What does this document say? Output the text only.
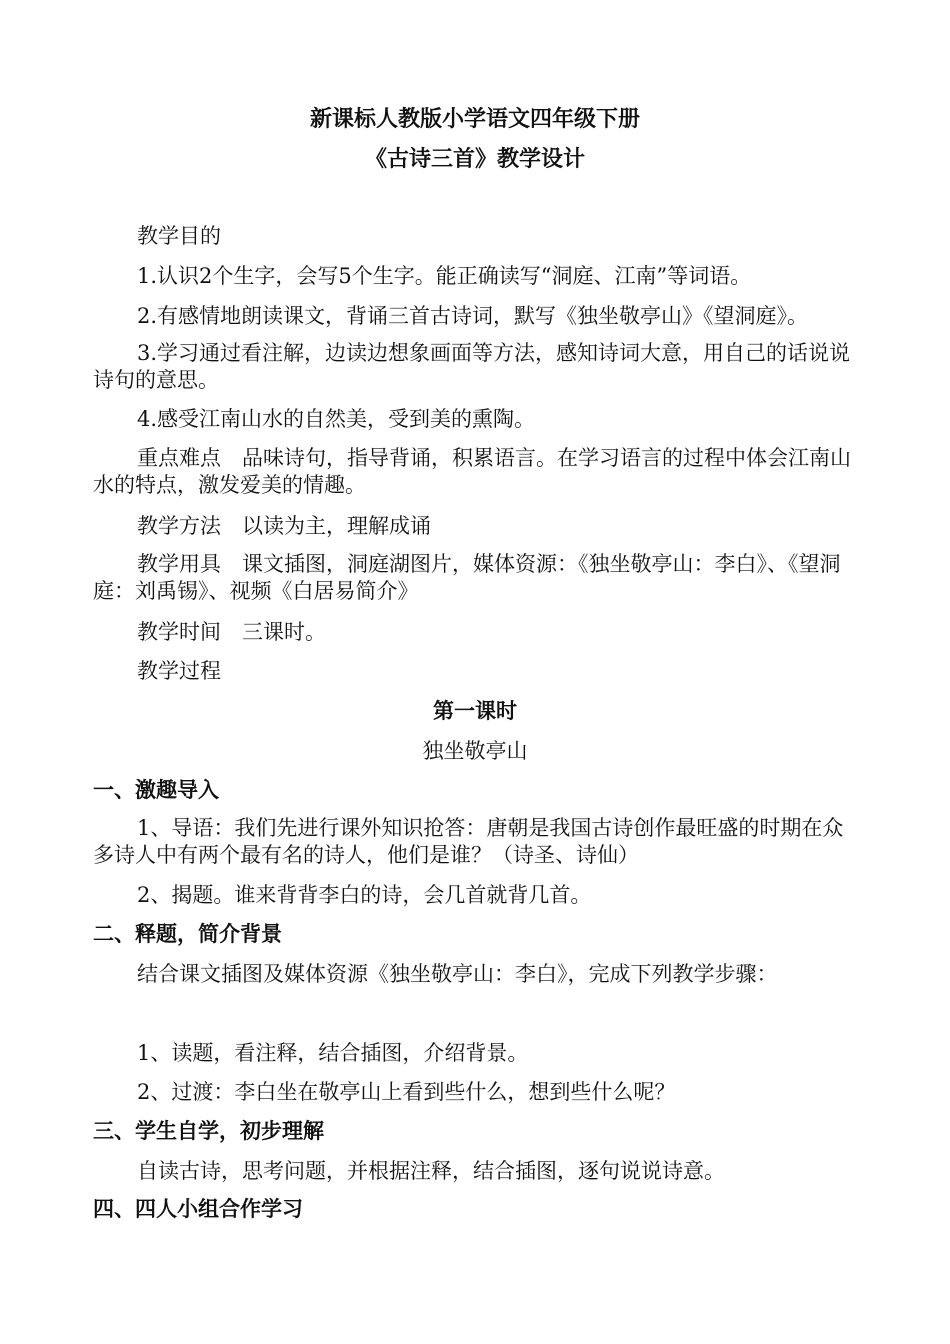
新课标人教版小学语文四年级下册
《古诗三首》教学设计
教学目的
1.认识2个生字，会写5个生字。能正确读写“洞庭、江南”等词语。
2.有感情地朗读课文，背诵三首古诗词，默写《独坐敬亭山》《望洞庭》。
3.学习通过看注解，边读边想象画面等方法，感知诗词大意，用自己的话说说诗句的意思。
4.感受江南山水的自然美，受到美的熏陶。
重点难点　品味诗句，指导背诵，积累语言。在学习语言的过程中体会江南山水的特点，激发爱美的情趣。
教学方法　以读为主，理解成诵
教学用具　课文插图，洞庭湖图片，媒体资源：《独坐敬亭山：李白》、《望洞庭：刘禹锡》、视频《白居易简介》
教学时间　三课时。
教学过程
第一课时
独坐敬亭山
一、激趣导入
1、导语：我们先进行课外知识抢答：唐朝是我国古诗创作最旺盛的时期在众多诗人中有两个最有名的诗人，他们是谁？（诗圣、诗仙）
2、揭题。谁来背背李白的诗，会几首就背几首。
二、释题，简介背景
结合课文插图及媒体资源《独坐敬亭山：李白》，完成下列教学步骤：
1、读题，看注释，结合插图，介绍背景。
2、过渡：李白坐在敬亭山上看到些什么，想到些什么呢？
三、学生自学，初步理解
自读古诗，思考问题，并根据注释，结合插图，逐句说说诗意。
四、四人小组合作学习
